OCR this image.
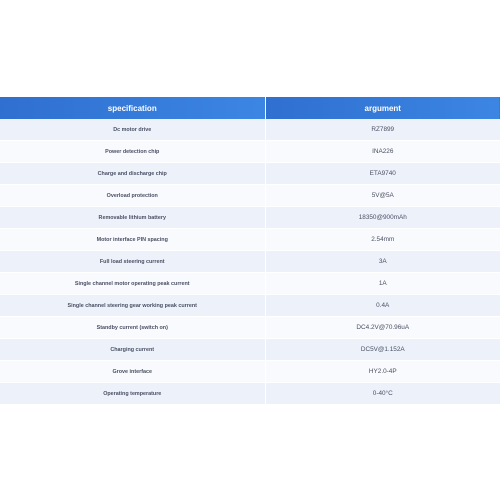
specification	argument
Dc motor drive	RZ7899
Power detection chip	INA226
Charge and discharge chip	ETA9740
Overload protection	5V@5A
Removable lithium battery	18350@900mAh
Motor interface PIN spacing	2.54mm
Full load steering current	3A
Single channel motor operating peak current	1A
Single channel steering gear working peak current	0.4A
Standby current (switch on)	DC4.2V@70.96uA
Charging current	DC5V@1.152A
Grove interface	HY2.0-4P
Operating temperature	0-40°C
